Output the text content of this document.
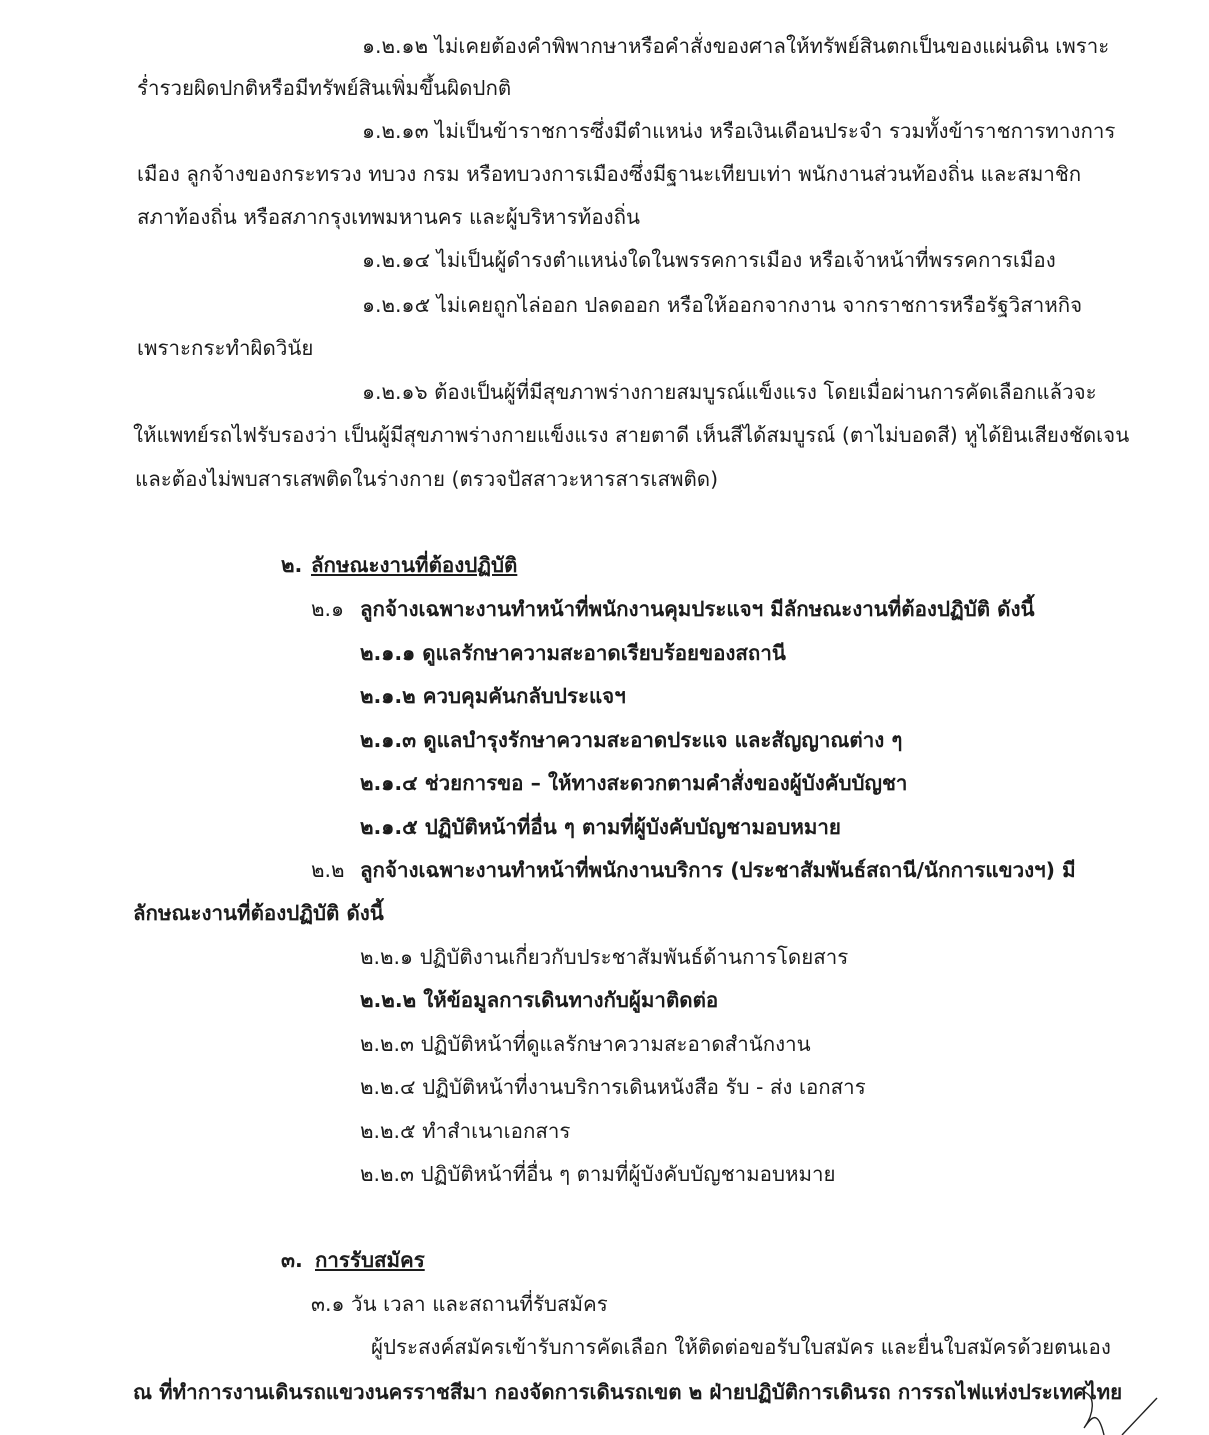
๑.๒.๑๒ ไม่เคยต้องคำพิพากษาหรือคำสั่งของศาลให้ทรัพย์สินตกเป็นของแผ่นดิน เพราะ
ร่ำรวยผิดปกติหรือมีทรัพย์สินเพิ่มขึ้นผิดปกติ
๑.๒.๑๓ ไม่เป็นข้าราชการซึ่งมีตำแหน่ง หรือเงินเดือนประจำ รวมทั้งข้าราชการทางการ
เมือง ลูกจ้างของกระทรวง ทบวง กรม หรือทบวงการเมืองซึ่งมีฐานะเทียบเท่า พนักงานส่วนท้องถิ่น และสมาชิก
สภาท้องถิ่น หรือสภากรุงเทพมหานคร และผู้บริหารท้องถิ่น
๑.๒.๑๔ ไม่เป็นผู้ดำรงตำแหน่งใดในพรรคการเมือง หรือเจ้าหน้าที่พรรคการเมือง
๑.๒.๑๕ ไม่เคยถูกไล่ออก ปลดออก หรือให้ออกจากงาน จากราชการหรือรัฐวิสาหกิจ
เพราะกระทำผิดวินัย
๑.๒.๑๖ ต้องเป็นผู้ที่มีสุขภาพร่างกายสมบูรณ์แข็งแรง โดยเมื่อผ่านการคัดเลือกแล้วจะ
ให้แพทย์รถไฟรับรองว่า เป็นผู้มีสุขภาพร่างกายแข็งแรง สายตาดี เห็นสีได้สมบูรณ์ (ตาไม่บอดสี) หูได้ยินเสียงชัดเจน
และต้องไม่พบสารเสพติดในร่างกาย (ตรวจปัสสาวะหารสารเสพติด)
๒. ลักษณะงานที่ต้องปฏิบัติ
๒.๑ ลูกจ้างเฉพาะงานทำหน้าที่พนักงานคุมประแจฯ มีลักษณะงานที่ต้องปฏิบัติ ดังนี้
๒.๑.๑ ดูแลรักษาความสะอาดเรียบร้อยของสถานี
๒.๑.๒ ควบคุมคันกลับประแจฯ
๒.๑.๓ ดูแลบำรุงรักษาความสะอาดประแจ และสัญญาณต่าง ๆ
๒.๑.๔ ช่วยการขอ – ให้ทางสะดวกตามคำสั่งของผู้บังคับบัญชา
๒.๑.๕ ปฏิบัติหน้าที่อื่น ๆ ตามที่ผู้บังคับบัญชามอบหมาย
๒.๒ ลูกจ้างเฉพาะงานทำหน้าที่พนักงานบริการ (ประชาสัมพันธ์สถานี/นักการแขวงฯ) มี
ลักษณะงานที่ต้องปฏิบัติ ดังนี้
๒.๒.๑ ปฏิบัติงานเกี่ยวกับประชาสัมพันธ์ด้านการโดยสาร
๒.๒.๒ ให้ข้อมูลการเดินทางกับผู้มาติดต่อ
๒.๒.๓ ปฏิบัติหน้าที่ดูแลรักษาความสะอาดสำนักงาน
๒.๒.๔ ปฏิบัติหน้าที่งานบริการเดินหนังสือ รับ - ส่ง เอกสาร
๒.๒.๕ ทำสำเนาเอกสาร
๒.๒.๓ ปฏิบัติหน้าที่อื่น ๆ ตามที่ผู้บังคับบัญชามอบหมาย
๓. การรับสมัคร
๓.๑ วัน เวลา และสถานที่รับสมัคร
ผู้ประสงค์สมัครเข้ารับการคัดเลือก ให้ติดต่อขอรับใบสมัคร และยื่นใบสมัครด้วยตนเอง
ณ ที่ทำการงานเดินรถแขวงนครราชสีมา กองจัดการเดินรถเขต ๒ ฝ่ายปฏิบัติการเดินรถ การรถไฟแห่งประเทศไทย
